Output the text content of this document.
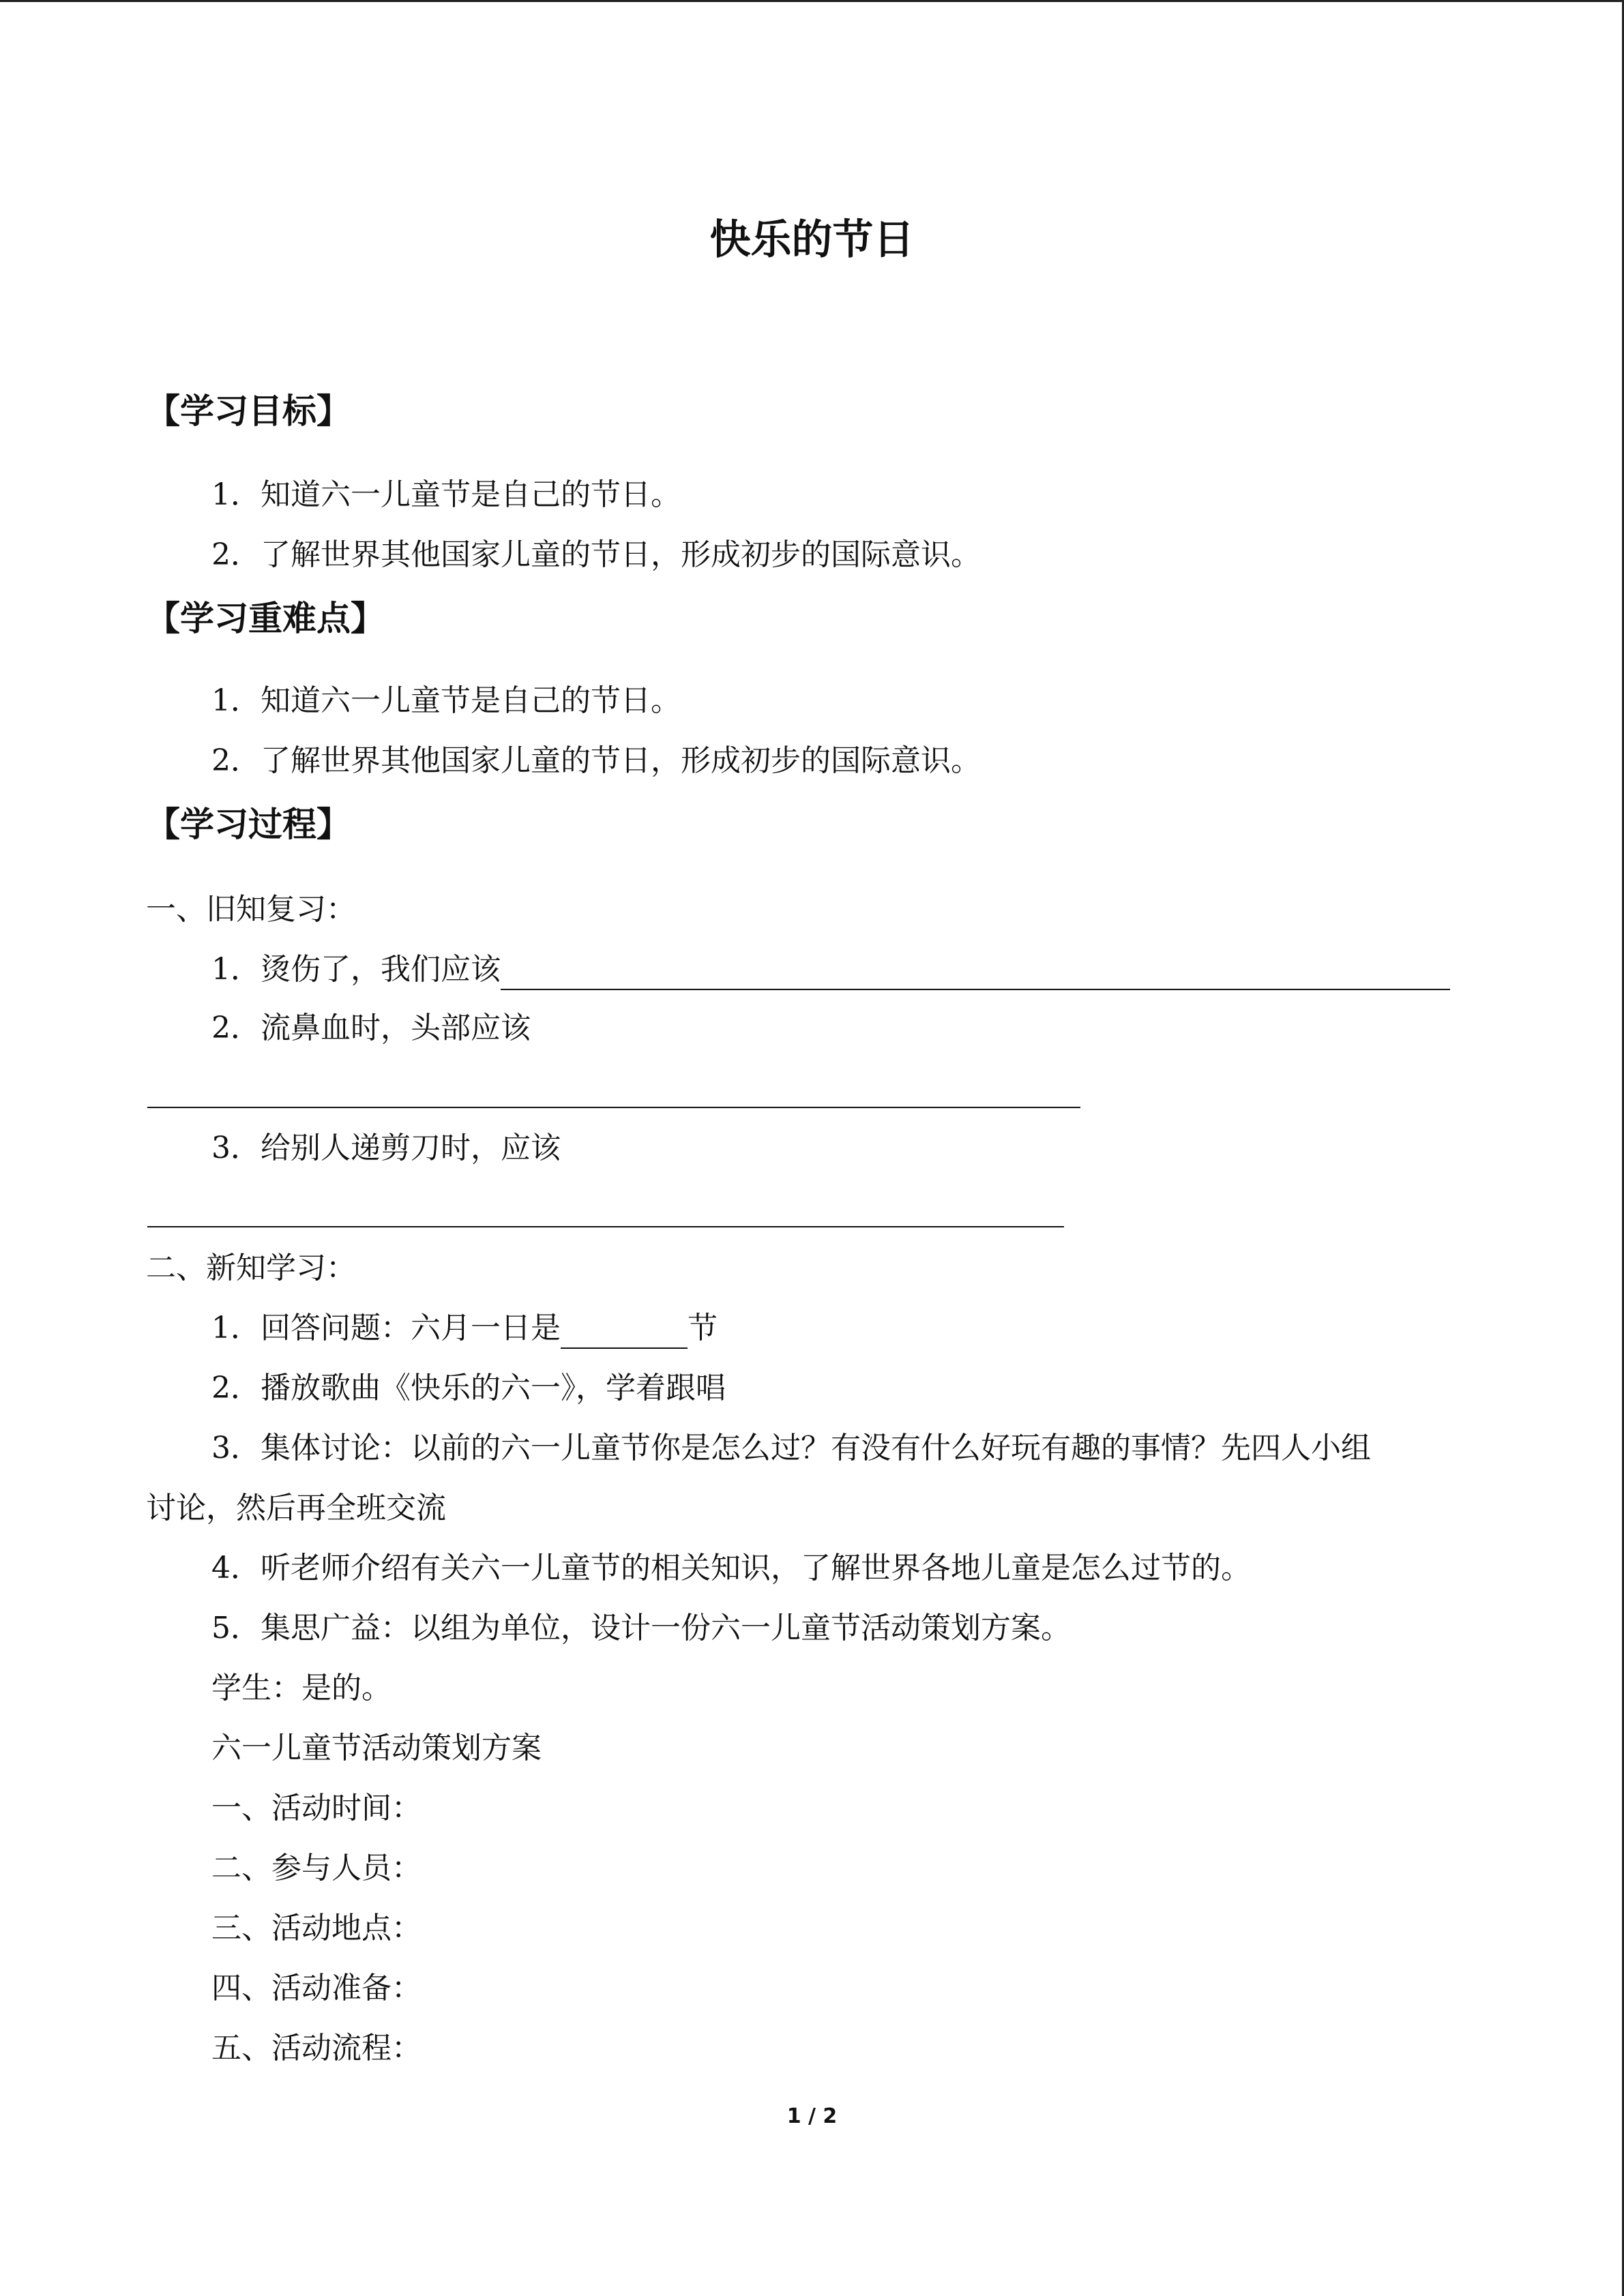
快乐的节日
【学习目标】
1．知道六一儿童节是自己的节日。
2．了解世界其他国家儿童的节日，形成初步的国际意识。
【学习重难点】
1．知道六一儿童节是自己的节日。
2．了解世界其他国家儿童的节日，形成初步的国际意识。
【学习过程】
一、旧知复习：
1．烫伤了，我们应该
2．流鼻血时，头部应该
3．给别人递剪刀时，应该
二、新知学习：
1．回答问题：六月一日是	节
2．播放歌曲《快乐的六一》，学着跟唱
3．集体讨论：以前的六一儿童节你是怎么过？有没有什么好玩有趣的事情？先四人小组
讨论，然后再全班交流
4．听老师介绍有关六一儿童节的相关知识，了解世界各地儿童是怎么过节的。
5．集思广益：以组为单位，设计一份六一儿童节活动策划方案。
学生：是的。
六一儿童节活动策划方案
一、活动时间：
二、参与人员：
三、活动地点：
四、活动准备：
五、活动流程：
1 / 2
